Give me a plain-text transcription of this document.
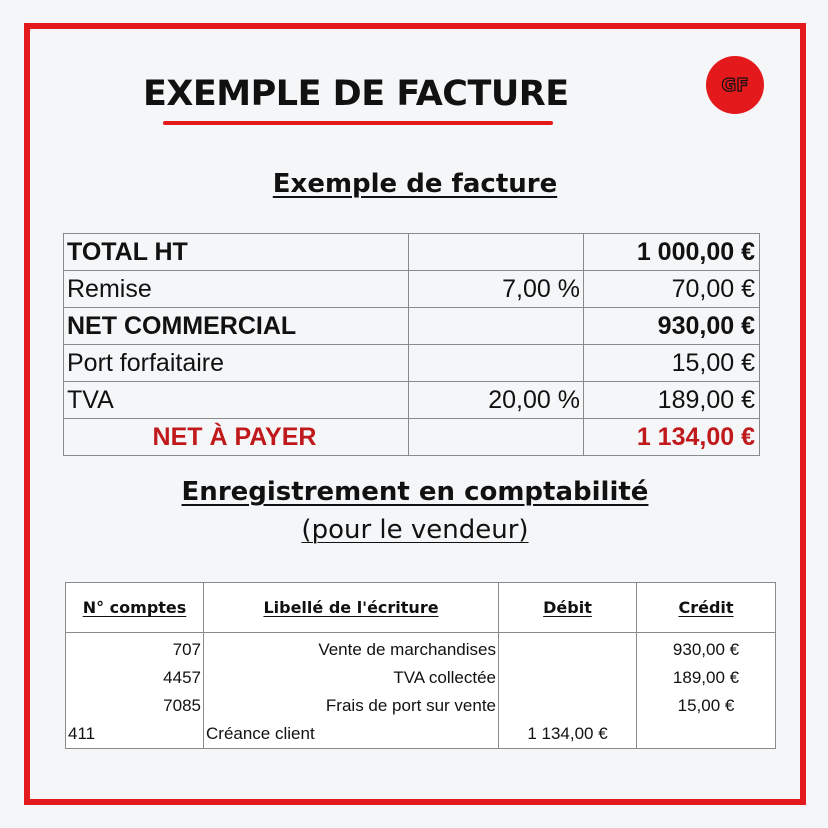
EXEMPLE DE FACTURE	GF
Exemple de facture
TOTAL HT		1 000,00 €
Remise	7,00 %	70,00 €
NET COMMERCIAL		930,00 €
Port forfaitaire		15,00 €
TVA	20,00 %	189,00 €
NET À PAYER		1 134,00 €
Enregistrement en comptabilité
(pour le vendeur)
N° comptes	Libellé de l'écriture	Débit	Crédit
707	Vente de marchandises		930,00 €
4457	TVA collectée		189,00 €
7085	Frais de port sur vente		15,00 €
411	Créance client	1 134,00 €	
